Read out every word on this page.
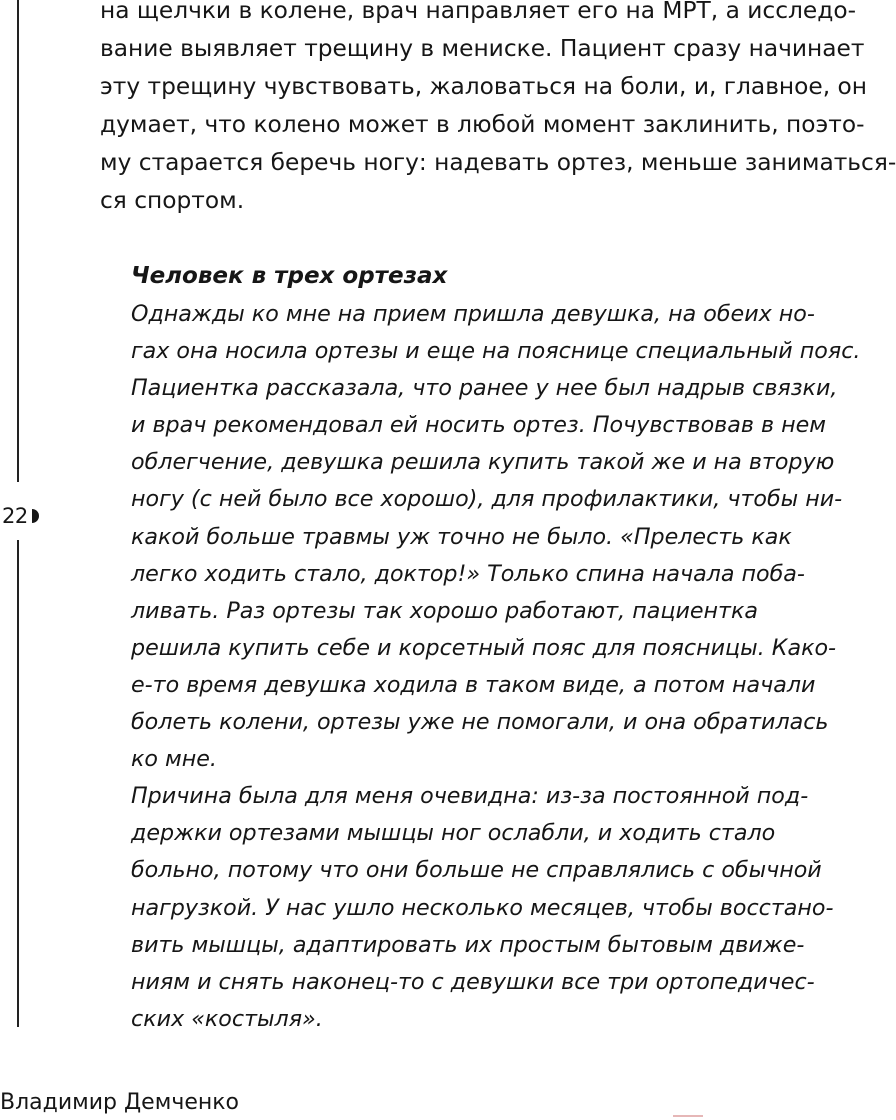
22

на щелчки в колене, врач направляет его на МРТ, а исследо-
вание выявляет трещину в мениске. Пациент сразу начинает
эту трещину чувствовать, жаловаться на боли, и, главное, он
думает, что колено может в любой момент заклинить, поэто-
му старается беречь ногу: надевать ортез, меньше заниматься-
ся спортом.

Человек в трех ортезах

Однажды ко мне на прием пришла девушка, на обеих но-
гах она носила ортезы и еще на пояснице специальный пояс.
Пациентка рассказала, что ранее у нее был надрыв связки,
и врач рекомендовал ей носить ортез. Почувствовав в нем
облегчение, девушка решила купить такой же и на вторую
ногу (с ней было все хорошо), для профилактики, чтобы ни-
какой больше травмы уж точно не было. «Прелесть как
легко ходить стало, доктор!» Только спина начала поба-
ливать. Раз ортезы так хорошо работают, пациентка
решила купить себе и корсетный пояс для поясницы. Како-
е-то время девушка ходила в таком виде, а потом начали
болеть колени, ортезы уже не помогали, и она обратилась
ко мне.
Причина была для меня очевидна: из-за постоянной под-
держки ортезами мышцы ног ослабли, и ходить стало
больно, потому что они больше не справлялись с обычной
нагрузкой. У нас ушло несколько месяцев, чтобы восстано-
вить мышцы, адаптировать их простым бытовым движе-
ниям и снять наконец-то с девушки все три ортопедичес-
ских «костыля».

Владимир Демченко
